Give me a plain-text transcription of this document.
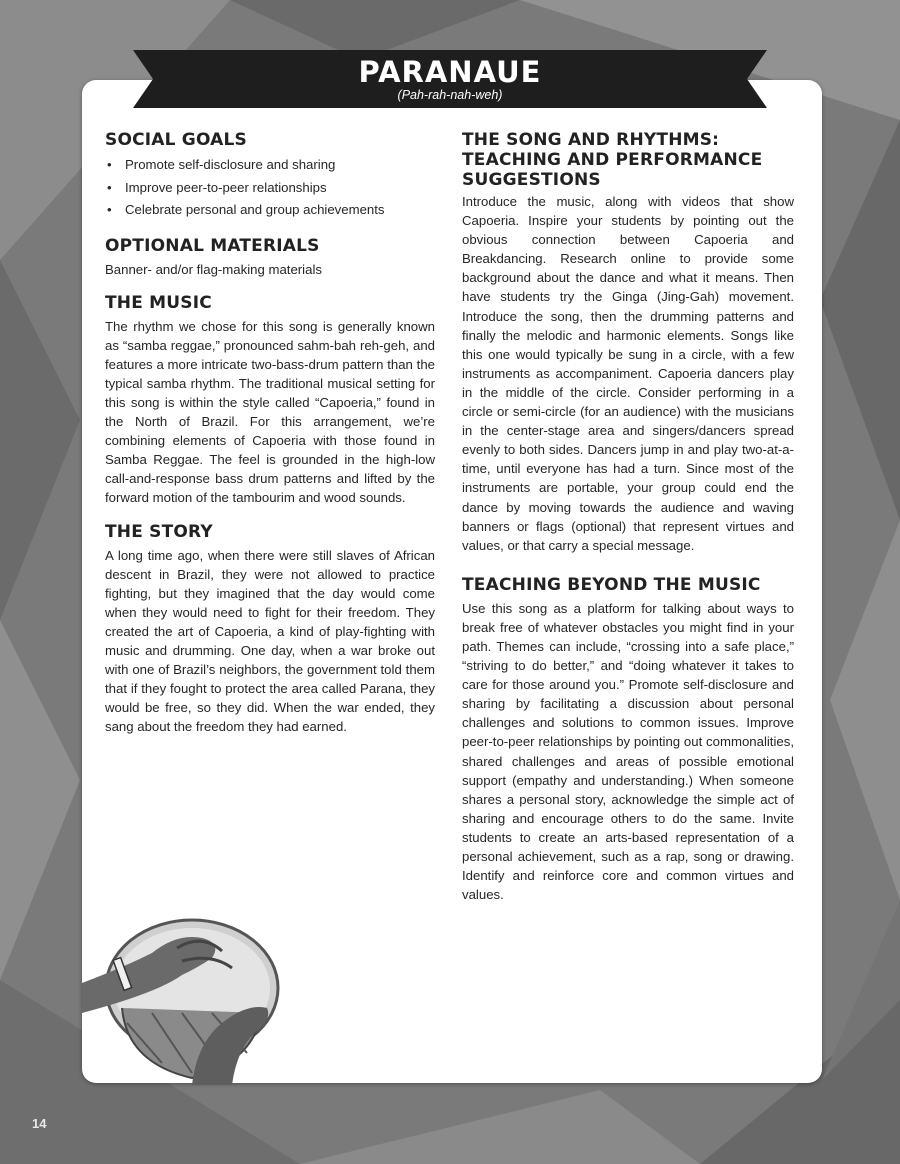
PARANAUE
(Pah-rah-nah-weh)
SOCIAL GOALS
• Promote self-disclosure and sharing
• Improve peer-to-peer relationships
• Celebrate personal and group achievements
OPTIONAL MATERIALS

Banner- and/or flag-making materials

THE MUSIC

The rhythm we chose for this song is generally known as “samba reggae,” pronounced sahm-bah reh-geh, and features a more intricate two-bass-drum pattern than the typical samba rhythm. The traditional musical setting for this song is within the style called “Capoeria,” found in the North of Brazil. For this arrangement, we’re combining elements of Capoeria with those found in Samba Reggae. The feel is grounded in the high-low call-and-response bass drum patterns and lifted by the forward motion of the tambourim and wood sounds.

THE STORY

A long time ago, when there were still slaves of African descent in Brazil, they were not allowed to practice fighting, but they imagined that the day would come when they would need to fight for their freedom. They created the art of Capoeria, a kind of play-fighting with music and drumming. One day, when a war broke out with one of Brazil’s neighbors, the government told them that if they fought to protect the area called Parana, they would be free, so they did. When the war ended, they sang about the freedom they had earned.

THE SONG AND RHYTHMS: TEACHING AND PERFORMANCE SUGGESTIONS

Introduce the music, along with videos that show Capoeria. Inspire your students by pointing out the obvious connection between Capoeria and Breakdancing. Research online to provide some background about the dance and what it means. Then have students try the Ginga (Jing-Gah) movement. Introduce the song, then the drumming patterns and finally the melodic and harmonic elements. Songs like this one would typically be sung in a circle, with a few instruments as accompaniment. Capoeria dancers play in the middle of the circle. Consider performing in a circle or semi-circle (for an audience) with the musicians in the center-stage area and singers/dancers spread evenly to both sides. Dancers jump in and play two-at-a-time, until everyone has had a turn. Since most of the instruments are portable, your group could end the dance by moving towards the audience and waving banners or flags (optional) that represent virtues and values, or that carry a special message.

TEACHING BEYOND THE MUSIC

Use this song as a platform for talking about ways to break free of whatever obstacles you might find in your path. Themes can include, “crossing into a safe place,” “striving to do better,” and “doing whatever it takes to care for those around you.” Promote self-disclosure and sharing by facilitating a discussion about personal challenges and solutions to common issues. Improve peer-to-peer relationships by pointing out commonalities, shared challenges and areas of possible emotional support (empathy and understanding.) When someone shares a personal story, acknowledge the simple act of sharing and encourage others to do the same. Invite students to create an arts-based representation of a personal achievement, such as a rap, song or drawing. Identify and reinforce core and common virtues and values.

14
